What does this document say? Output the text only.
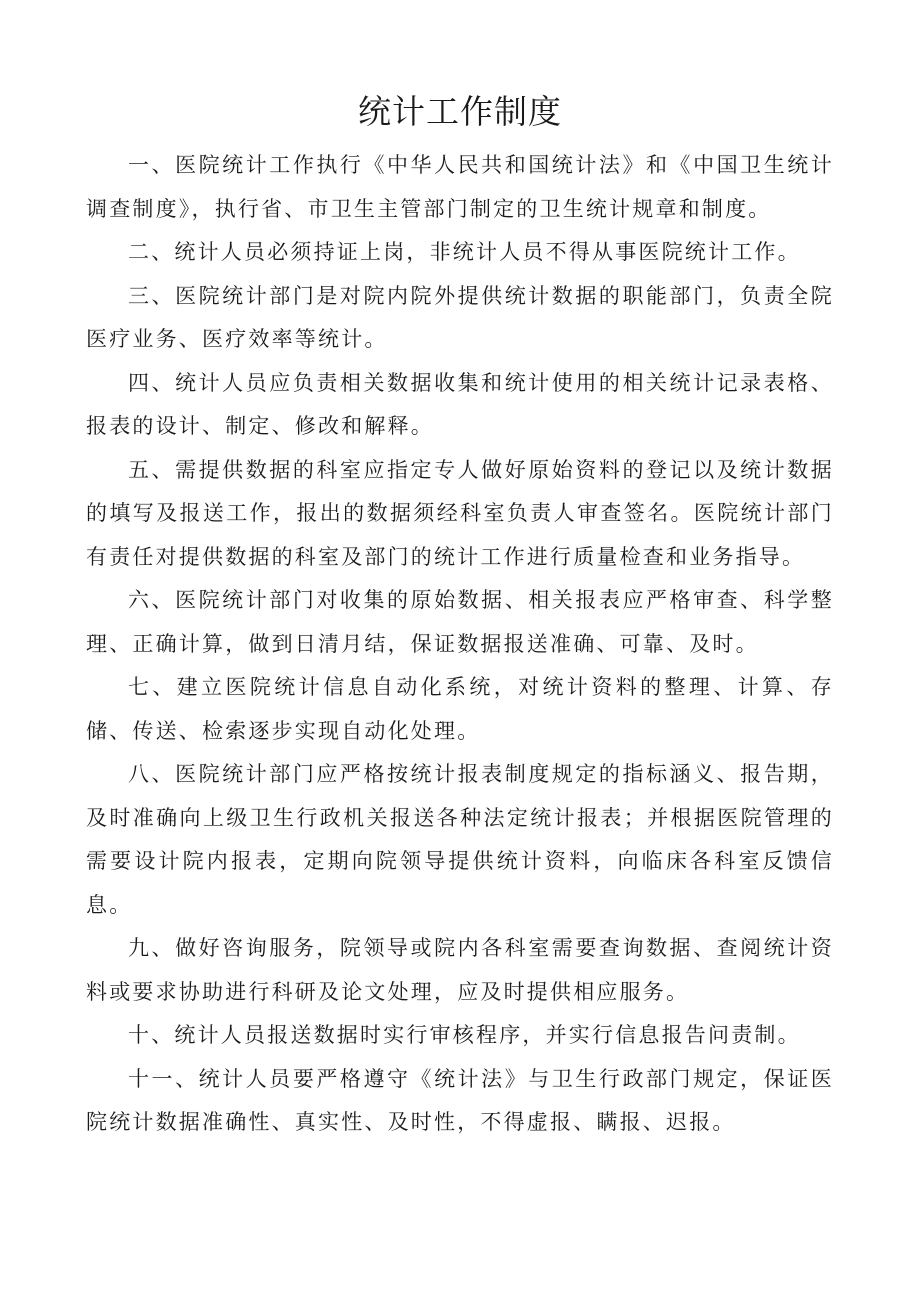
统计工作制度

一、医院统计工作执行《中华人民共和国统计法》和《中国卫生统计调查制度》，执行省、市卫生主管部门制定的卫生统计规章和制度。

二、统计人员必须持证上岗，非统计人员不得从事医院统计工作。

三、医院统计部门是对院内院外提供统计数据的职能部门，负责全院医疗业务、医疗效率等统计。

四、统计人员应负责相关数据收集和统计使用的相关统计记录表格、报表的设计、制定、修改和解释。

五、需提供数据的科室应指定专人做好原始资料的登记以及统计数据的填写及报送工作，报出的数据须经科室负责人审查签名。医院统计部门有责任对提供数据的科室及部门的统计工作进行质量检查和业务指导。

六、医院统计部门对收集的原始数据、相关报表应严格审查、科学整理、正确计算，做到日清月结，保证数据报送准确、可靠、及时。

七、建立医院统计信息自动化系统，对统计资料的整理、计算、存储、传送、检索逐步实现自动化处理。

八、医院统计部门应严格按统计报表制度规定的指标涵义、报告期，及时准确向上级卫生行政机关报送各种法定统计报表；并根据医院管理的需要设计院内报表，定期向院领导提供统计资料，向临床各科室反馈信息。

九、做好咨询服务，院领导或院内各科室需要查询数据、查阅统计资料或要求协助进行科研及论文处理，应及时提供相应服务。

十、统计人员报送数据时实行审核程序，并实行信息报告问责制。

十一、统计人员要严格遵守《统计法》与卫生行政部门规定，保证医院统计数据准确性、真实性、及时性，不得虚报、瞒报、迟报。
